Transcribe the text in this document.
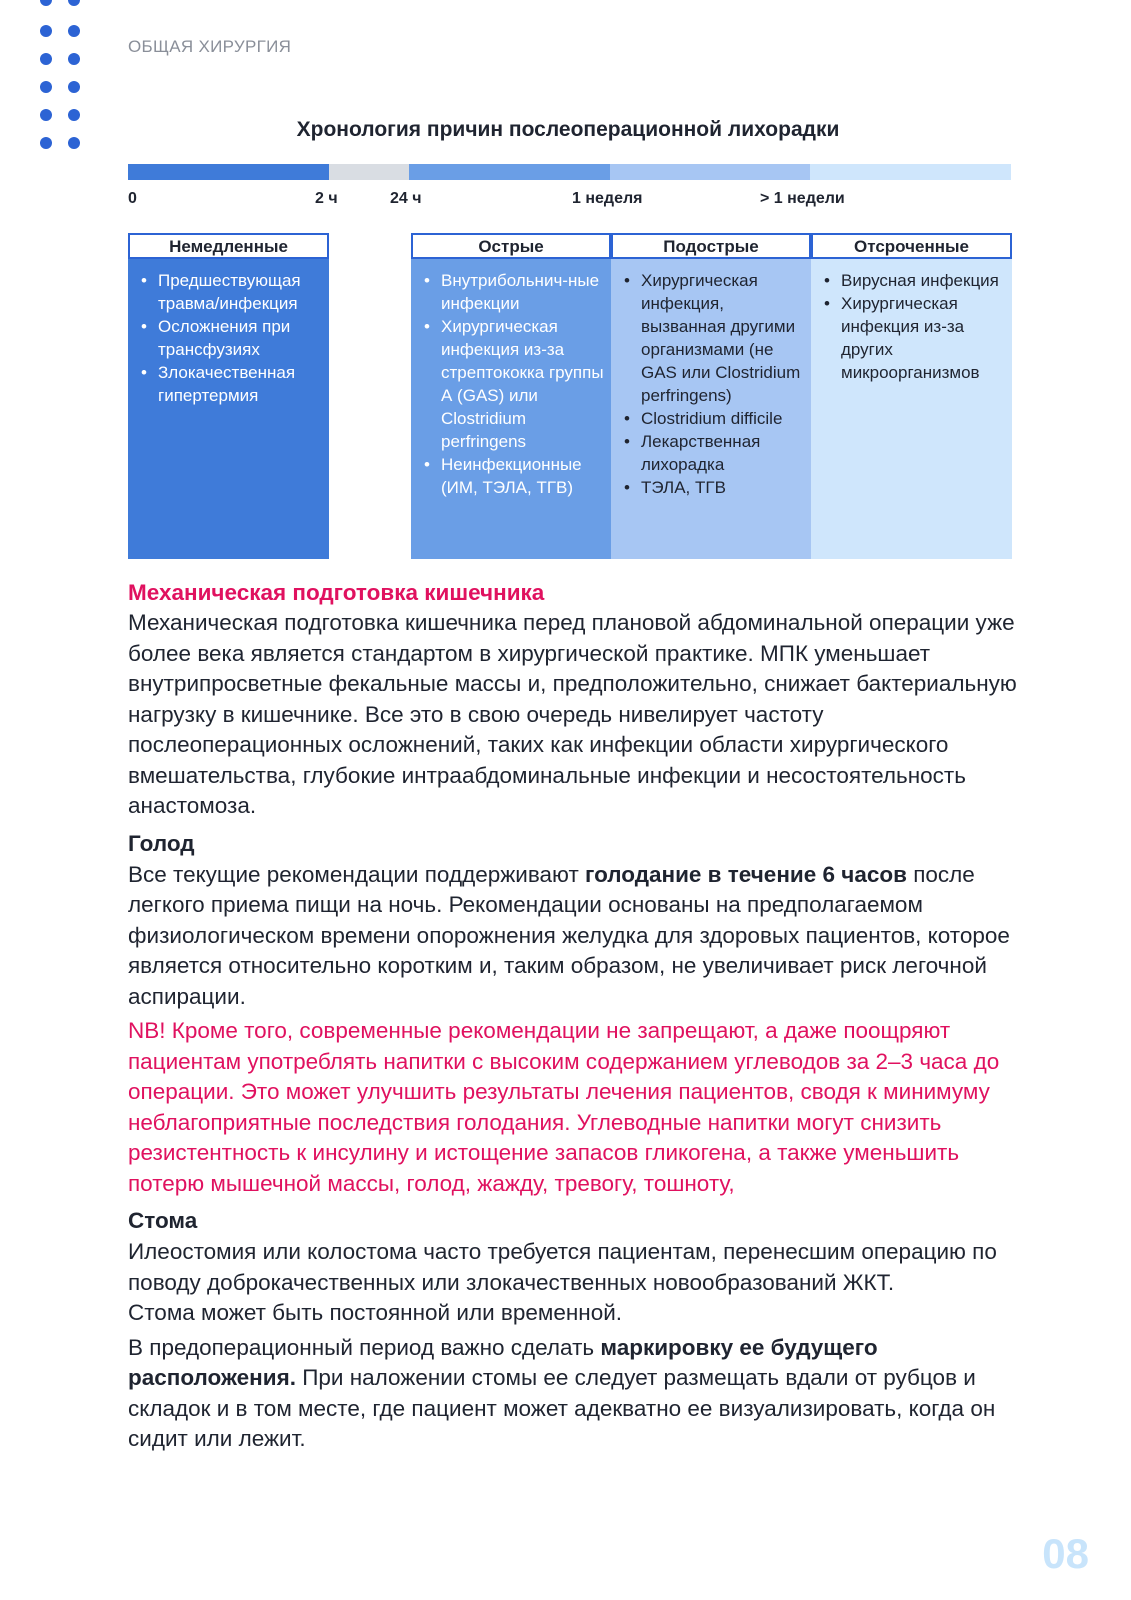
ОБЩАЯ ХИРУРГИЯ
Хронология причин послеоперационной лихорадки
0	2 ч	24 ч	1 неделя	> 1 недели
Немедленные
• Предшествующая травма/инфекция
• Осложнения при трансфузиях
• Злокачественная гипертермия
Острые
• Внутрибольнич-ные инфекции
• Хирургическая инфекция из-за стрептококка группы А (GAS) или Clostridium perfringens
• Неинфекционные (ИМ, ТЭЛА, ТГВ)
Подострые
• Хирургическая инфекция, вызванная другими организмами (не GAS или Clostridium perfringens)
• Clostridium difficile
• Лекарственная лихорадка
• ТЭЛА, ТГВ
Отсроченные
• Вирусная инфекция
• Хирургическая инфекция из-за других микроорганизмов
Механическая подготовка кишечника

Механическая подготовка кишечника перед плановой абдоминальной операции уже более века является стандартом в хирургической практике. МПК уменьшает внутрипросветные фекальные массы и, предположительно, снижает бактериальную нагрузку в кишечнике. Все это в свою очередь нивелирует частоту послеоперационных осложнений, таких как инфекции области хирургического вмешательства, глубокие интраабдоминальные инфекции и несостоятельность анастомоза.

Голод

Все текущие рекомендации поддерживают голодание в течение 6 часов после легкого приема пищи на ночь. Рекомендации основаны на предполагаемом физиологическом времени опорожнения желудка для здоровых пациентов, которое является относительно коротким и, таким образом, не увеличивает риск легочной аспирации.

NB! Кроме того, современные рекомендации не запрещают, а даже поощряют пациентам употреблять напитки с высоким содержанием углеводов за 2–3 часа до операции. Это может улучшить результаты лечения пациентов, сводя к минимуму неблагоприятные последствия голодания. Углеводные напитки могут снизить резистентность к инсулину и истощение запасов гликогена, а также уменьшить потерю мышечной массы, голод, жажду, тревогу, тошноту,

Стома

Илеостомия или колостома часто требуется пациентам, перенесшим операцию по поводу доброкачественных или злокачественных новообразований ЖКТ.

Стома может быть постоянной или временной.

В предоперационный период важно сделать маркировку ее будущего расположения. При наложении стомы ее следует размещать вдали от рубцов и складок и в том месте, где пациент может адекватно ее визуализировать, когда он сидит или лежит.

08
